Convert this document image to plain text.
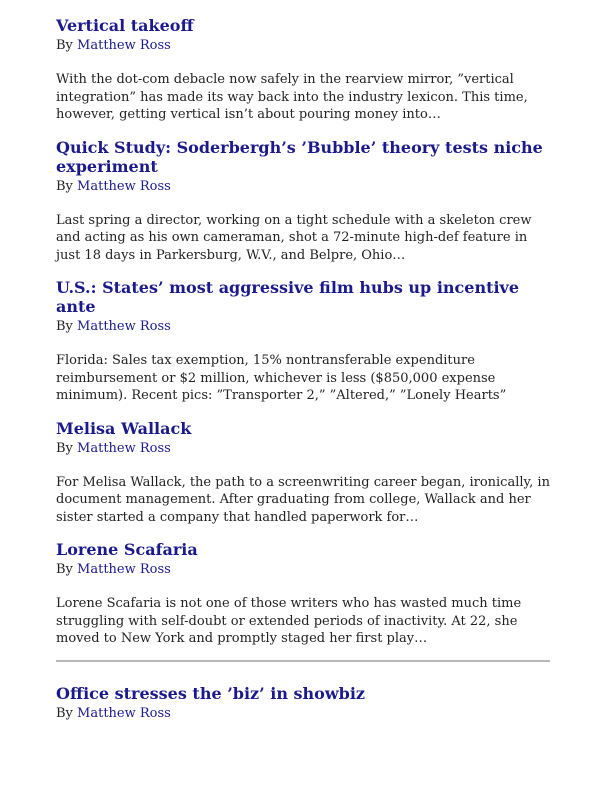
Vertical takeoff
By Matthew Ross
With the dot-com debacle now safely in the rearview mirror, ”vertical integration” has made its way back into the industry lexicon. This time, however, getting vertical isn’t about pouring money into…
Quick Study: Soderbergh’s ’Bubble’ theory tests niche experiment
By Matthew Ross
Last spring a director, working on a tight schedule with a skeleton crew and acting as his own cameraman, shot a 72-minute high-def feature in just 18 days in Parkersburg, W.V., and Belpre, Ohio…
U.S.: States’ most aggressive film hubs up incentive ante
By Matthew Ross
Florida: Sales tax exemption, 15% nontransferable expenditure reimbursement or $2 million, whichever is less ($850,000 expense minimum). Recent pics: ”Transporter 2,” ”Altered,” ”Lonely Hearts”
Melisa Wallack
By Matthew Ross
For Melisa Wallack, the path to a screenwriting career began, ironically, in document management. After graduating from college, Wallack and her sister started a company that handled paperwork for…
Lorene Scafaria
By Matthew Ross
Lorene Scafaria is not one of those writers who has wasted much time struggling with self-doubt or extended periods of inactivity. At 22, she moved to New York and promptly staged her first play…
Office stresses the ’biz’ in showbiz
By Matthew Ross
